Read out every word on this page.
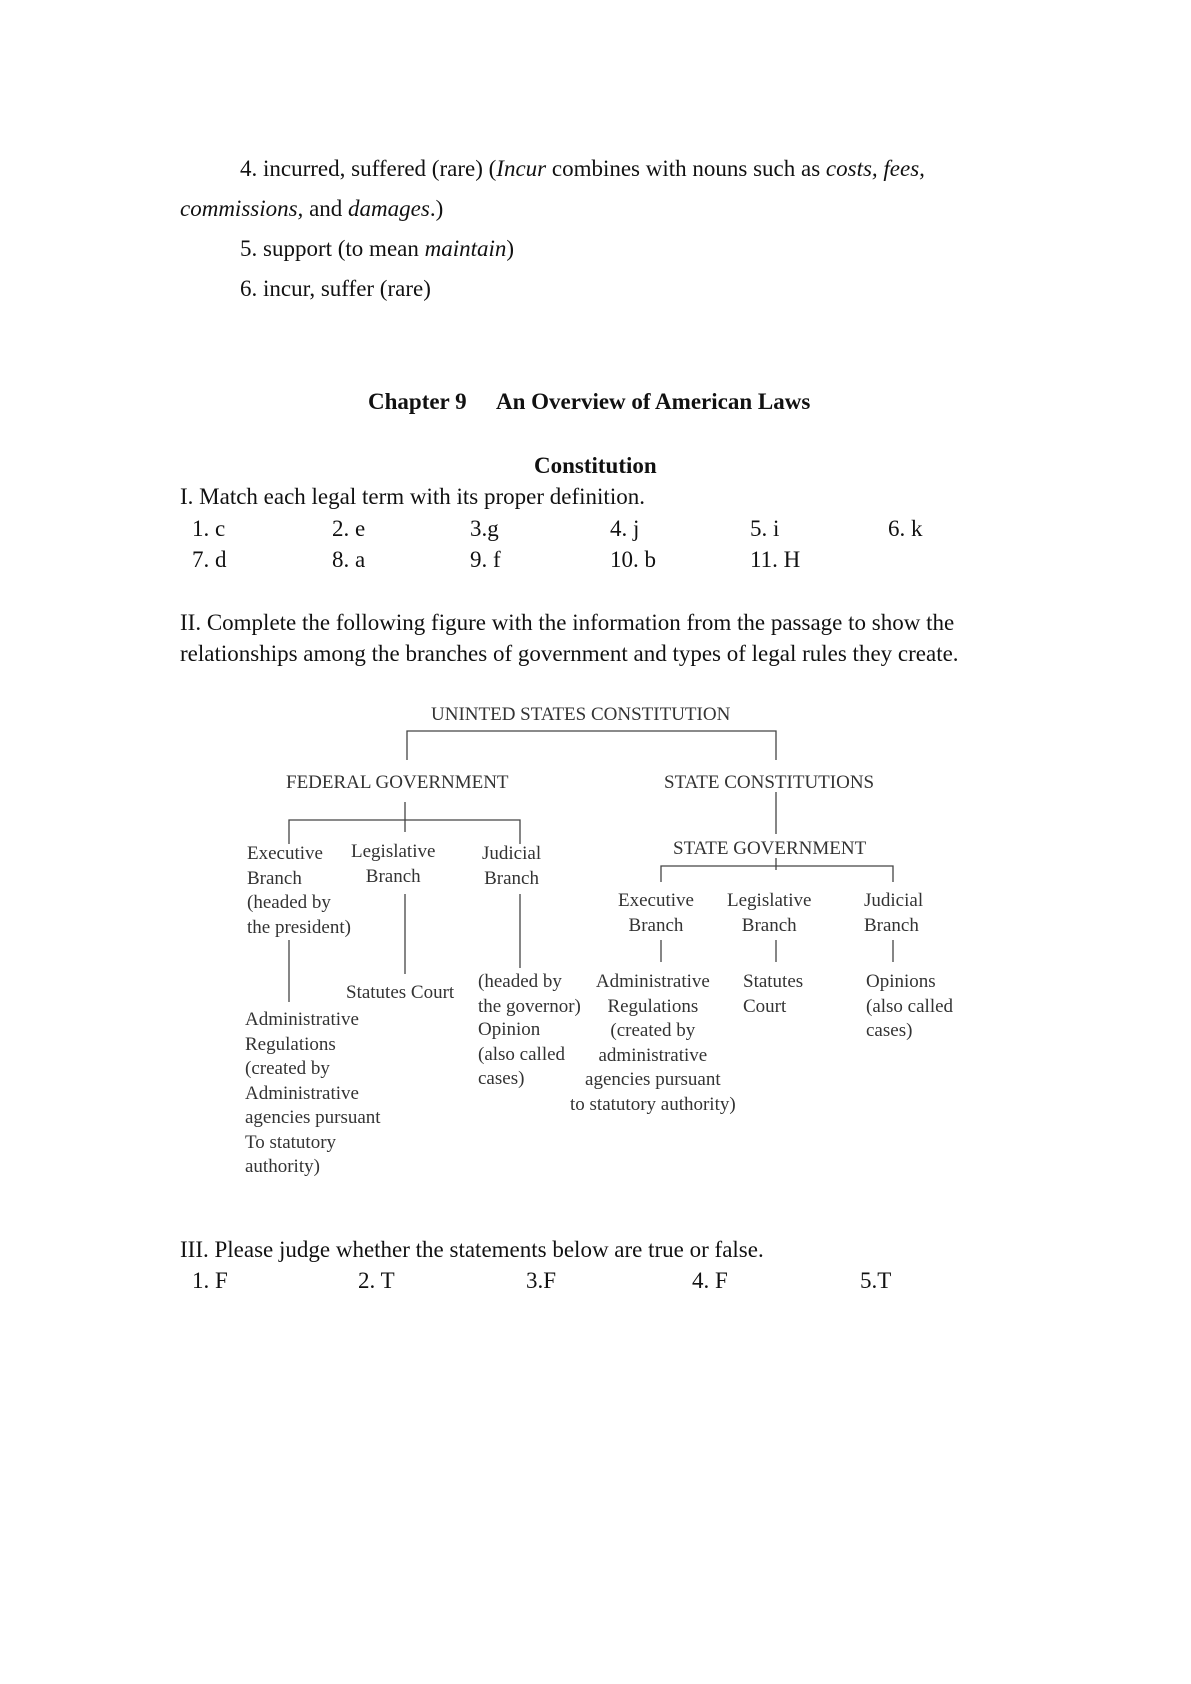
4. incurred, suffered (rare) (Incur combines with nouns such as costs, fees,
commissions, and damages.)
5. support (to mean maintain)
6. incur, suffer (rare)
Chapter 9 An Overview of American Laws
Constitution
I. Match each legal term with its proper definition.
1. c	2. e	3.g	4. j	5. i	6. k
7. d	8. a	9. f	10. b	11. H
II. Complete the following figure with the information from the passage to show the
relationships among the branches of government and types of legal rules they create.
UNINTED STATES CONSTITUTION
FEDERAL GOVERNMENT	STATE CONSTITUTIONS
STATE GOVERNMENT
Executive
Branch
(headed by
the president)
Legislative
Branch
Judicial
Branch
Statutes Court
Administrative
Regulations
(created by
Administrative
agencies pursuant
To statutory
authority)
(headed by
the governor)
Opinion
(also called
cases)
Executive
Branch
Legislative
Branch
Judicial
Branch
Administrative
Regulations
(created by
administrative
agencies pursuant
to statutory authority)
Statutes
Court
Opinions
(also called
cases)
III. Please judge whether the statements below are true or false.
1. F	2. T	3.F	4. F	5.T
